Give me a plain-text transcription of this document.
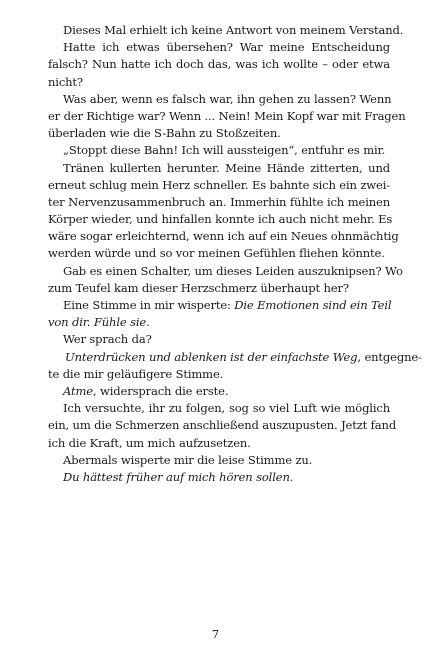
Dieses Mal erhielt ich keine Antwort von meinem Verstand.
Hatte ich etwas übersehen? War meine Entscheidung
falsch? Nun hatte ich doch das, was ich wollte – oder etwa
nicht?
Was aber, wenn es falsch war, ihn gehen zu lassen? Wenn
er der Richtige war? Wenn ... Nein! Mein Kopf war mit Fragen
überladen wie die S-Bahn zu Stoßzeiten.
„Stoppt diese Bahn! Ich will aussteigen“, entfuhr es mir.
Tränen kullerten herunter. Meine Hände zitterten, und
erneut schlug mein Herz schneller. Es bahnte sich ein zwei-
ter Nervenzusammenbruch an. Immerhin fühlte ich meinen
Körper wieder, und hinfallen konnte ich auch nicht mehr. Es
wäre sogar erleichternd, wenn ich auf ein Neues ohnmächtig
werden würde und so vor meinen Gefühlen fliehen könnte.
Gab es einen Schalter, um dieses Leiden auszuknipsen? Wo
zum Teufel kam dieser Herzschmerz überhaupt her?
Eine Stimme in mir wisperte: Die Emotionen sind ein Teil
von dir. Fühle sie.
Wer sprach da?
Unterdrücken und ablenken ist der einfachste Weg, entgegne-
te die mir geläufigere Stimme.
Atme, widersprach die erste.
Ich versuchte, ihr zu folgen, sog so viel Luft wie möglich
ein, um die Schmerzen anschließend auszupusten. Jetzt fand
ich die Kraft, um mich aufzusetzen.
Abermals wisperte mir die leise Stimme zu.
Du hättest früher auf mich hören sollen.
7
